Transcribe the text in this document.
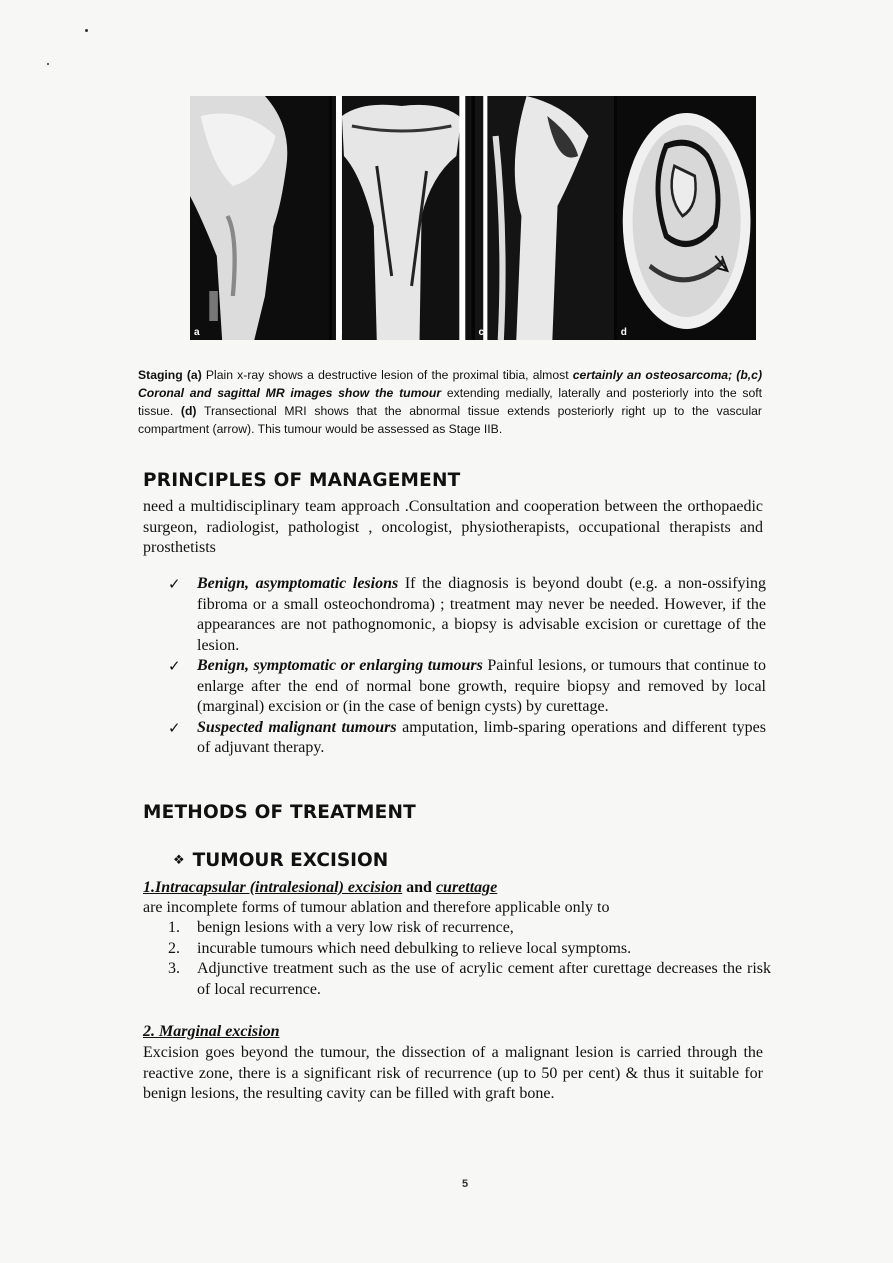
a	b	c	d
Staging (a) Plain x-ray shows a destructive lesion of the proximal tibia, almost certainly an osteosarcoma; (b,c) Coronal and sagittal MR images show the tumour extending medially, laterally and posteriorly into the soft tissue. (d) Transectional MRI shows that the abnormal tissue extends posteriorly right up to the vascular compartment (arrow). This tumour would be assessed as Stage IIB.
PRINCIPLES OF MANAGEMENT
need a multidisciplinary team approach .Consultation and cooperation between the orthopaedic surgeon, radiologist, pathologist , oncologist, physiotherapists, occupational therapists and prosthetists

✓ Benign, asymptomatic lesions If the diagnosis is beyond doubt (e.g. a non-ossifying fibroma or a small osteochondroma) ; treatment may never be needed. However, if the appearances are not pathognomonic, a biopsy is advisable excision or curettage of the lesion.

✓ Benign, symptomatic or enlarging tumours Painful lesions, or tumours that continue to enlarge after the end of normal bone growth, require biopsy and removed by local (marginal) excision or (in the case of benign cysts) by curettage.

✓ Suspected malignant tumours amputation, limb-sparing operations and different types of adjuvant therapy.

METHODS OF TREATMENT
❖ TUMOUR EXCISION
1.Intracapsular (intralesional) excision and curettage
are incomplete forms of tumour ablation and therefore applicable only to
1. benign lesions with a very low risk of recurrence,
2. incurable tumours which need debulking to relieve local symptoms.
3. Adjunctive treatment such as the use of acrylic cement after curettage decreases the risk of local recurrence.
2. Marginal excision
Excision goes beyond the tumour, the dissection of a malignant lesion is carried through the reactive zone, there is a significant risk of recurrence (up to 50 per cent) & thus it suitable for benign lesions, the resulting cavity can be filled with graft bone.
5
